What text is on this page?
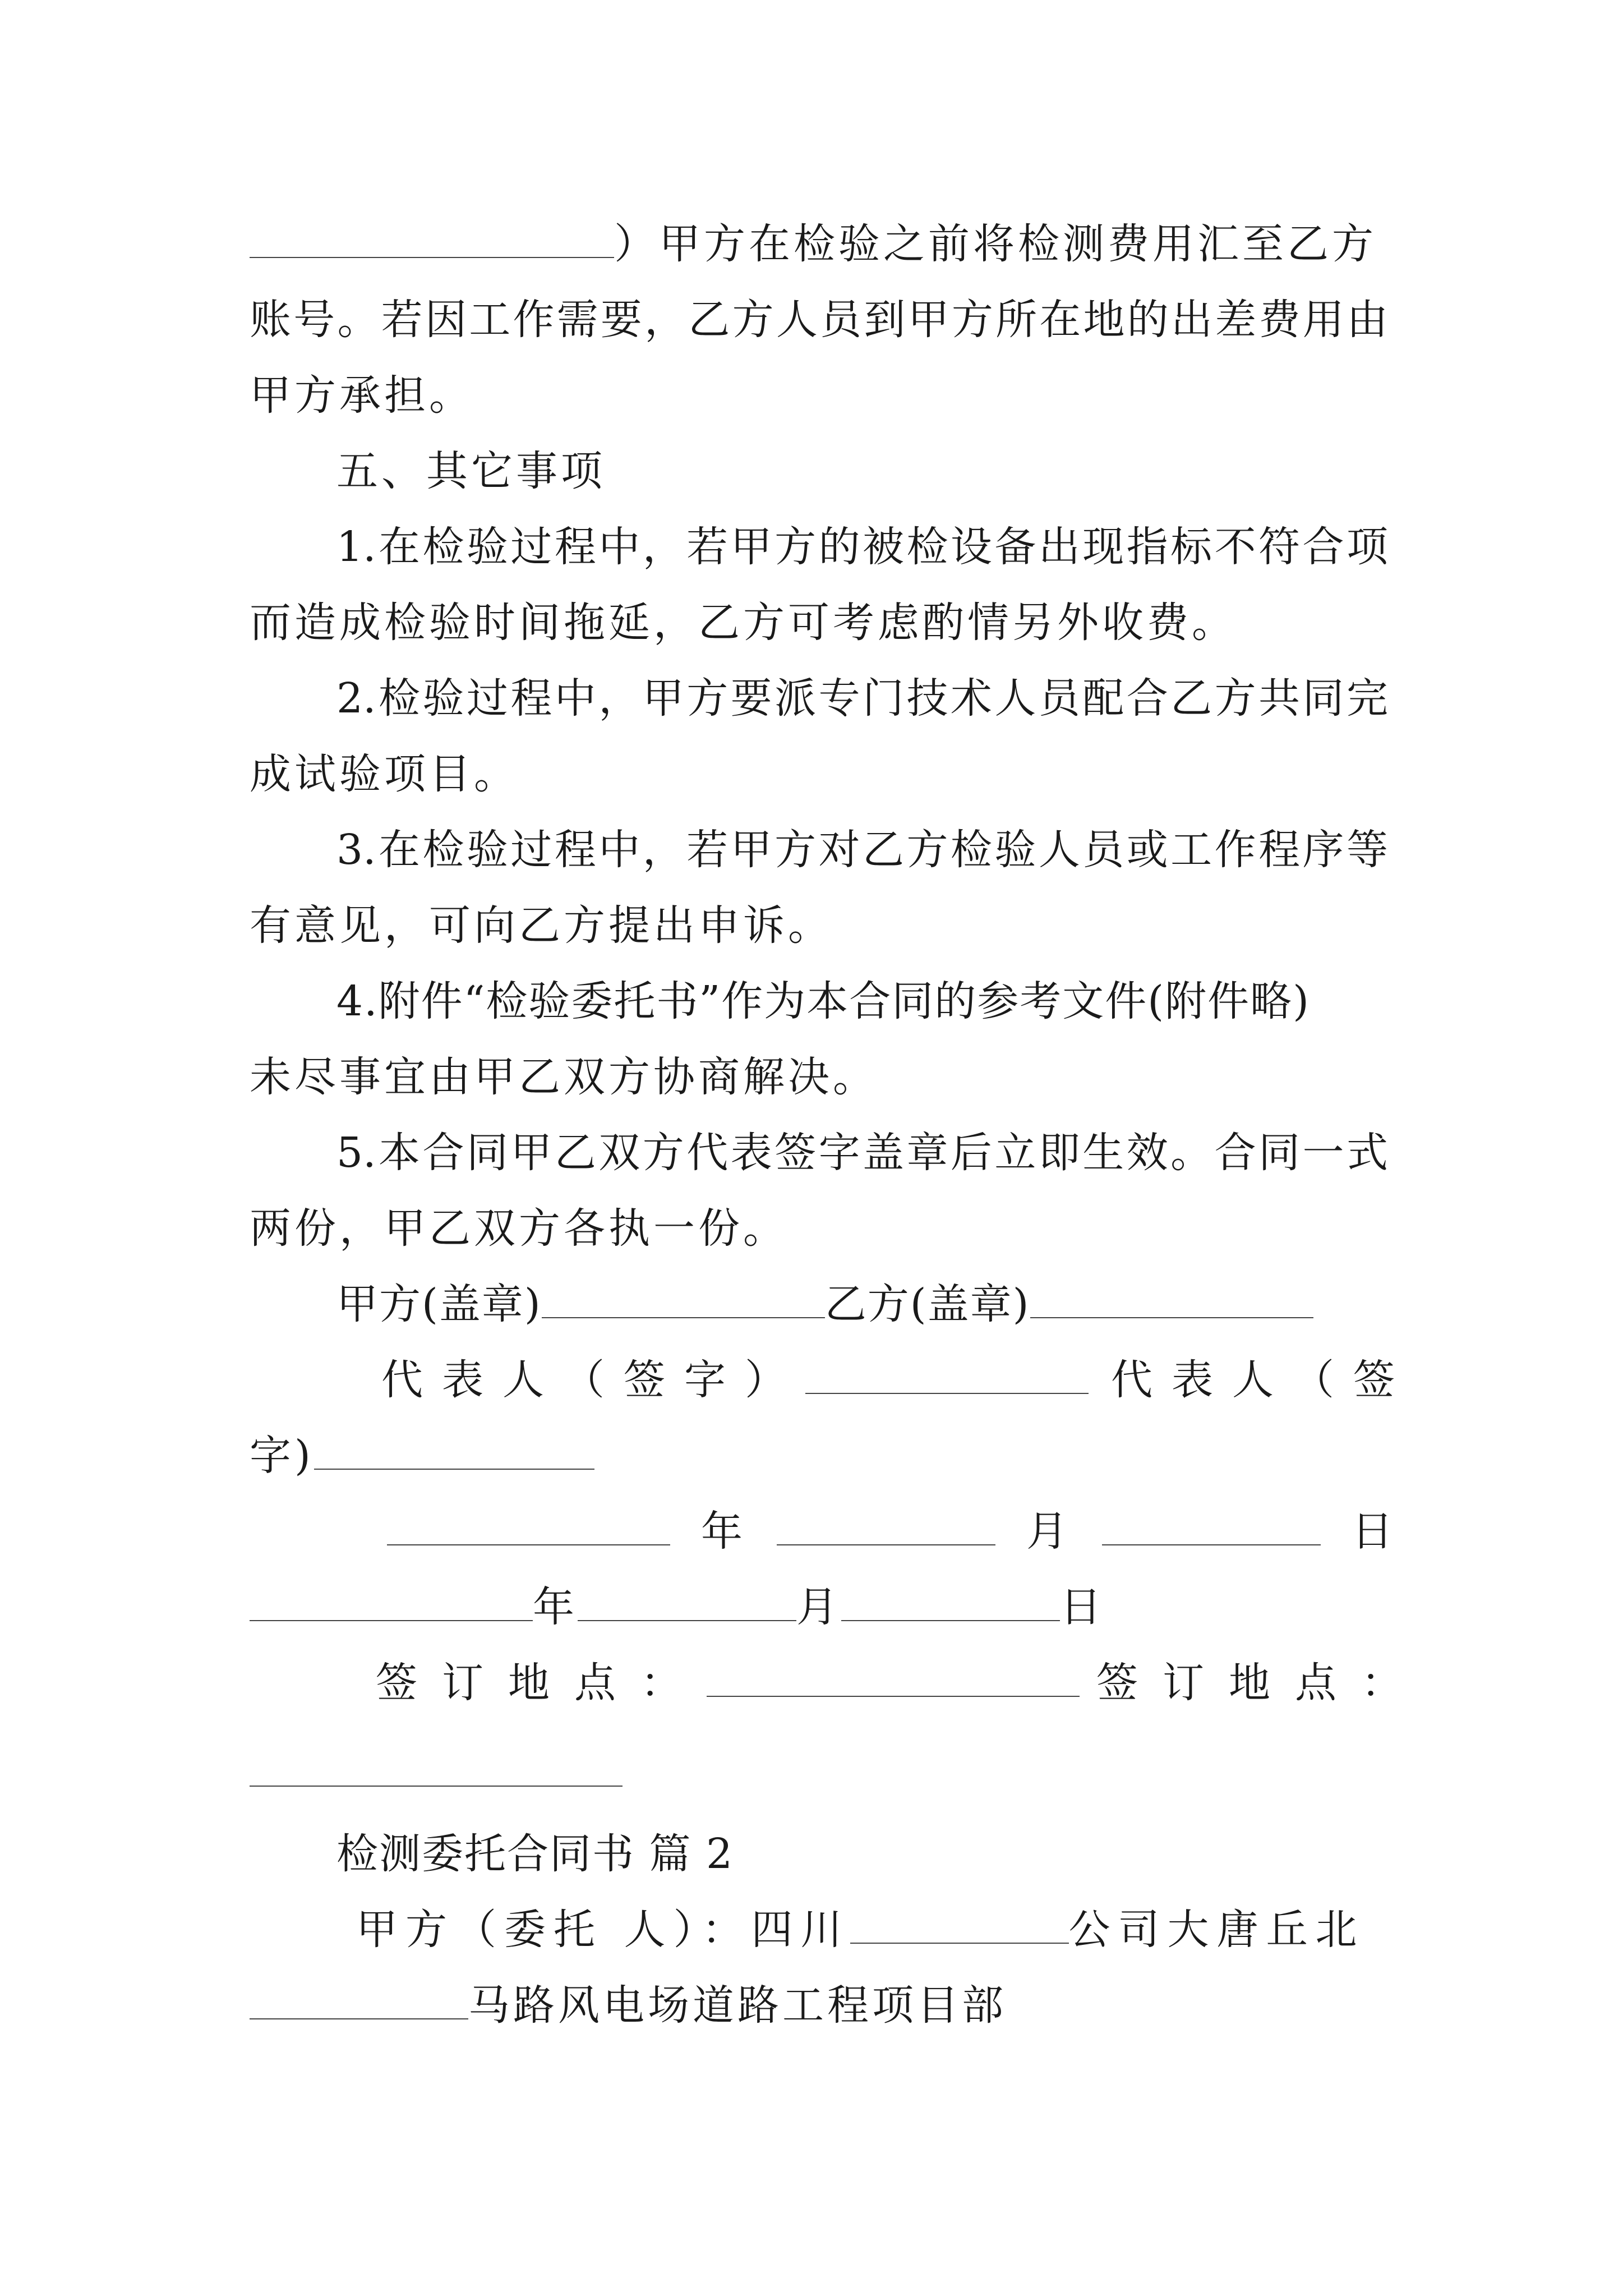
）甲方在检验之前将检测费用汇至乙方
账号。若因工作需要，乙方人员到甲方所在地的出差费用由
甲方承担。
五、其它事项
1.在检验过程中，若甲方的被检设备出现指标不符合项
而造成检验时间拖延，乙方可考虑酌情另外收费。
2.检验过程中，甲方要派专门技术人员配合乙方共同完
成试验项目。
3.在检验过程中，若甲方对乙方检验人员或工作程序等
有意见，可向乙方提出申诉。
4.附件“检验委托书”作为本合同的参考文件(附件略)
未尽事宜由甲乙双方协商解决。
5.本合同甲乙双方代表签字盖章后立即生效。合同一式
两份，甲乙双方各执一份。
甲方(盖章)	乙方(盖章)
代表人（签字）	代表人（签
字)
年	月	日
年	月	日
签订地点：	签订地点：
检测委托合同书 篇 2
甲方（委托 人）：四川	公司大唐丘北
马路风电场道路工程项目部
